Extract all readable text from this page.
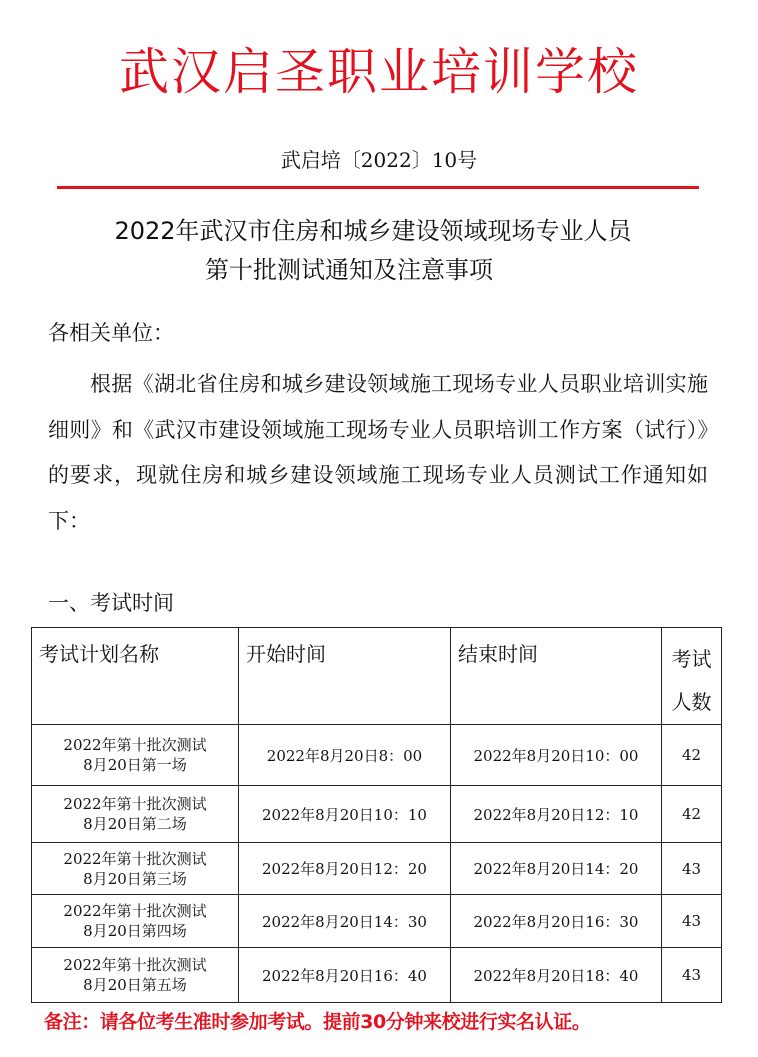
武汉启圣职业培训学校
武启培〔2022〕10号
2022年武汉市住房和城乡建设领域现场专业人员
第十批测试通知及注意事项
各相关单位：
根据《湖北省住房和城乡建设领域施工现场专业人员职业培训实施细则》和《武汉市建设领域施工现场专业人员职培训工作方案（试行）》的要求，现就住房和城乡建设领域施工现场专业人员测试工作通知如下：
一、考试时间
考试计划名称	开始时间	结束时间	考试人数
2022年第十批次测试
8月20日第一场	2022年8月20日8：00	2022年8月20日10：00	42
2022年第十批次测试
8月20日第二场	2022年8月20日10：10	2022年8月20日12：10	42
2022年第十批次测试
8月20日第三场	2022年8月20日12：20	2022年8月20日14：20	43
2022年第十批次测试
8月20日第四场	2022年8月20日14：30	2022年8月20日16：30	43
2022年第十批次测试
8月20日第五场	2022年8月20日16：40	2022年8月20日18：40	43
备注：请各位考生准时参加考试。提前30分钟来校进行实名认证。
